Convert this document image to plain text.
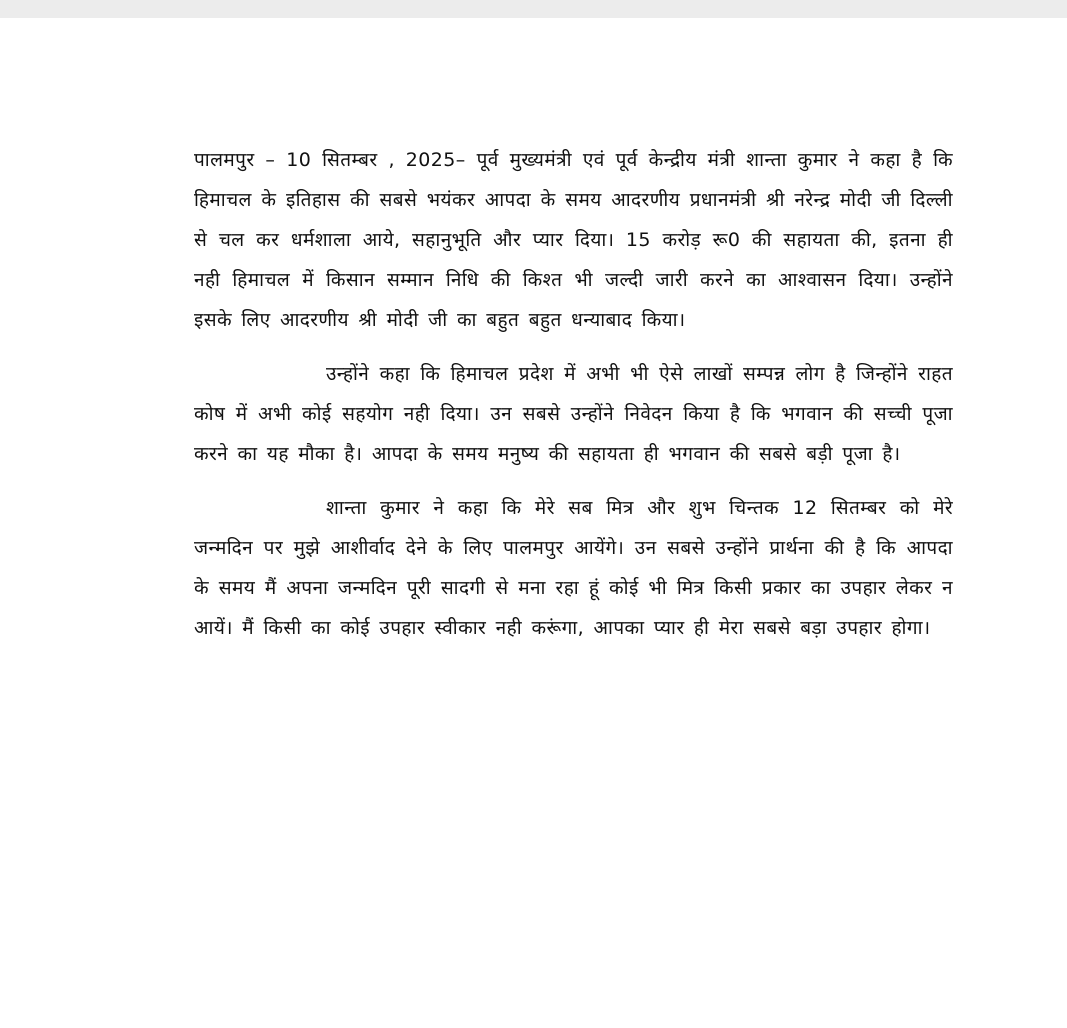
पालमपुर – 10 सितम्बर , 2025– पूर्व मुख्यमंत्री एवं पूर्व केन्द्रीय मंत्री शान्ता कुमार ने कहा है कि हिमाचल के इतिहास की सबसे भयंकर आपदा के समय आदरणीय प्रधानमंत्री श्री नरेन्द्र मोदी जी दिल्ली से चल कर धर्मशाला आये, सहानुभूति और प्यार दिया। 15 करोड़ रू0 की सहायता की, इतना ही नही हिमाचल में किसान सम्मान निधि की किश्त भी जल्दी जारी करने का आश्वासन दिया। उन्होंने इसके लिए आदरणीय श्री मोदी जी का बहुत बहुत धन्याबाद किया।

उन्होंने कहा कि हिमाचल प्रदेश में अभी भी ऐसे लाखों सम्पन्न लोग है जिन्होंने राहत कोष में अभी कोई सहयोग नही दिया। उन सबसे उन्होंने निवेदन किया है कि भगवान की सच्ची पूजा करने का यह मौका है। आपदा के समय मनुष्य की सहायता ही भगवान की सबसे बड़ी पूजा है।

शान्ता कुमार ने कहा कि मेरे सब मित्र और शुभ चिन्तक 12 सितम्बर को मेरे जन्मदिन पर मुझे आशीर्वाद देने के लिए पालमपुर आयेंगे। उन सबसे उन्होंने प्रार्थना की है कि आपदा के समय मैं अपना जन्मदिन पूरी सादगी से मना रहा हूं कोई भी मित्र किसी प्रकार का उपहार लेकर न आयें। मैं किसी का कोई उपहार स्वीकार नही करूंगा, आपका प्यार ही मेरा सबसे बड़ा उपहार होगा।
